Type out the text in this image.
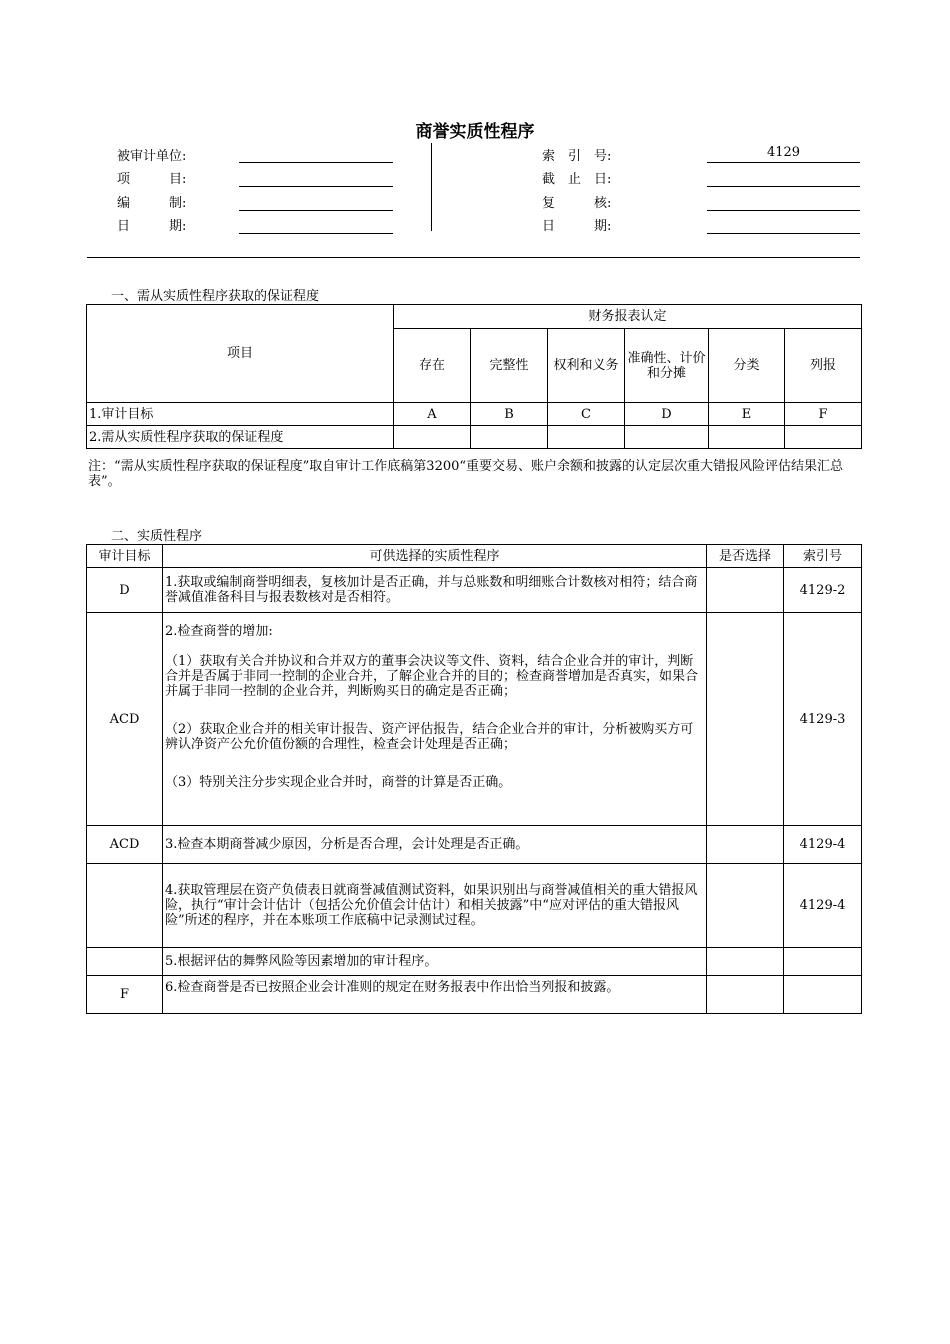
商誉实质性程序
被审计单位:
项　　　目:
编　　　制:
日　　　期:
索　引　号:	4129
截　止　日:
复　　　核:
日　　　期:
一、需从实质性程序获取的保证程度
项目	财务报表认定					
	存在	完整性	权利和义务	准确性、计价和分摊	分类	列报
1.审计目标	A	B	C	D	E	F
2.需从实质性程序获取的保证程度						
注：“需从实质性程序获取的保证程度”取自审计工作底稿第3200“重要交易、账户余额和披露的认定层次重大错报风险评估结果汇总表”。
二、实质性程序
审计目标	可供选择的实质性程序	是否选择	索引号
D	1.获取或编制商誉明细表，复核加计是否正确，并与总账数和明细账合计数核对相符；结合商誉减值准备科目与报表数核对是否相符。		4129-2
ACD	2.检查商誉的增加:

（1）获取有关合并协议和合并双方的董事会决议等文件、资料，结合企业合并的审计，判断合并是否属于非同一控制的企业合并，了解企业合并的目的；检查商誉增加是否真实，如果合并属于非同一控制的企业合并，判断购买日的确定是否正确；

（2）获取企业合并的相关审计报告、资产评估报告，结合企业合并的审计，分析被购买方可辨认净资产公允价值份额的合理性，检查会计处理是否正确；

（3）特别关注分步实现企业合并时，商誉的计算是否正确。		4129-3
ACD	3.检查本期商誉减少原因，分析是否合理，会计处理是否正确。		4129-4
	4.获取管理层在资产负债表日就商誉减值测试资料，如果识别出与商誉减值相关的重大错报风险，执行“审计会计估计（包括公允价值会计估计）和相关披露”中“应对评估的重大错报风险”所述的程序，并在本账项工作底稿中记录测试过程。		4129-4
	5.根据评估的舞弊风险等因素增加的审计程序。		
F	6.检查商誉是否已按照企业会计准则的规定在财务报表中作出恰当列报和披露。		
